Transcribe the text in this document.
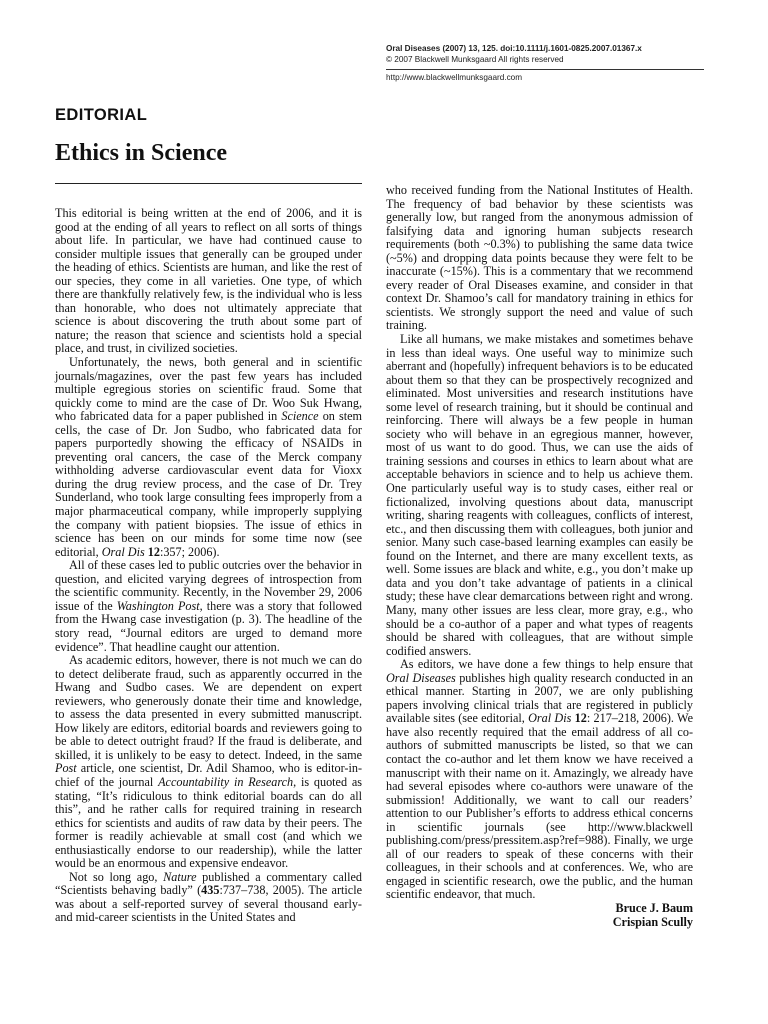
Oral Diseases (2007) 13, 125. doi:10.1111/j.1601-0825.2007.01367.x
© 2007 Blackwell Munksgaard All rights reserved
http://www.blackwellmunksgaard.com
EDITORIAL
Ethics in Science

This editorial is being written at the end of 2006, and it is good at the ending of all years to reflect on all sorts of things about life. In particular, we have had continued cause to consider multiple issues that generally can be grouped under the heading of ethics. Scientists are human, and like the rest of our species, they come in all varieties. One type, of which there are thankfully relatively few, is the individual who is less than honorable, who does not ultimately appreciate that science is about discovering the truth about some part of nature; the reason that science and scientists hold a special place, and trust, in civilized societies.

Unfortunately, the news, both general and in scientific journals/magazines, over the past few years has included multiple egregious stories on scientific fraud. Some that quickly come to mind are the case of Dr. Woo Suk Hwang, who fabricated data for a paper published in Science on stem cells, the case of Dr. Jon Sudbo, who fabricated data for papers purportedly showing the efficacy of NSAIDs in preventing oral cancers, the case of the Merck company withholding adverse cardiovascular event data for Vioxx during the drug review process, and the case of Dr. Trey Sunderland, who took large consulting fees improperly from a major pharmaceutical company, while improperly supplying the company with patient biopsies. The issue of ethics in science has been on our minds for some time now (see editorial, Oral Dis 12:357; 2006).

All of these cases led to public outcries over the behavior in question, and elicited varying degrees of introspection from the scientific community. Recently, in the November 29, 2006 issue of the Washington Post, there was a story that followed from the Hwang case investigation (p. 3). The headline of the story read, “Journal editors are urged to demand more evidence”. That headline caught our attention.

As academic editors, however, there is not much we can do to detect deliberate fraud, such as apparently occurred in the Hwang and Sudbo cases. We are dependent on expert reviewers, who generously donate their time and knowledge, to assess the data presented in every submitted manuscript. How likely are editors, editorial boards and reviewers going to be able to detect outright fraud? If the fraud is deliberate, and skilled, it is unlikely to be easy to detect. Indeed, in the same Post article, one scientist, Dr. Adil Shamoo, who is editor-in-chief of the journal Accountability in Research, is quoted as stating, “It’s ridiculous to think editorial boards can do all this”, and he rather calls for required training in research ethics for scientists and audits of raw data by their peers. The former is readily achievable at small cost (and which we enthusiastically endorse to our readership), while the latter would be an enormous and expensive endeavor.

Not so long ago, Nature published a commentary called “Scientists behaving badly” (435:737–738, 2005). The article was about a self-reported survey of several thousand early- and mid-career scientists in the United States and

who received funding from the National Institutes of Health. The frequency of bad behavior by these scientists was generally low, but ranged from the anonymous admission of falsifying data and ignoring human subjects research requirements (both ~0.3%) to publishing the same data twice (~5%) and dropping data points because they were felt to be inaccurate (~15%). This is a commentary that we recommend every reader of Oral Diseases examine, and consider in that context Dr. Shamoo’s call for mandatory training in ethics for scientists. We strongly support the need and value of such training.

Like all humans, we make mistakes and sometimes behave in less than ideal ways. One useful way to minimize such aberrant and (hopefully) infrequent behaviors is to be educated about them so that they can be prospectively recognized and eliminated. Most universities and research institutions have some level of research training, but it should be continual and reinforcing. There will always be a few people in human society who will behave in an egregious manner, however, most of us want to do good. Thus, we can use the aids of training sessions and courses in ethics to learn about what are acceptable behaviors in science and to help us achieve them. One particularly useful way is to study cases, either real or fictionalized, involving questions about data, manuscript writing, sharing reagents with colleagues, conflicts of interest, etc., and then discussing them with colleagues, both junior and senior. Many such case-based learning examples can easily be found on the Internet, and there are many excellent texts, as well. Some issues are black and white, e.g., you don’t make up data and you don’t take advantage of patients in a clinical study; these have clear demarcations between right and wrong. Many, many other issues are less clear, more gray, e.g., who should be a co-author of a paper and what types of reagents should be shared with colleagues, that are without simple codified answers.

As editors, we have done a few things to help ensure that Oral Diseases publishes high quality research conducted in an ethical manner. Starting in 2007, we are only publishing papers involving clinical trials that are registered in publicly available sites (see editorial, Oral Dis 12: 217–218, 2006). We have also recently required that the email address of all co-authors of submitted manuscripts be listed, so that we can contact the co-author and let them know we have received a manuscript with their name on it. Amazingly, we already have had several episodes where co-authors were unaware of the submission! Additionally, we want to call our readers’ attention to our Publisher’s efforts to address ethical concerns in scientific journals (see http://www.blackwell publishing.com/press/pressitem.asp?ref=988). Finally, we urge all of our readers to speak of these concerns with their colleagues, in their schools and at conferences. We, who are engaged in scientific research, owe the public, and the human scientific endeavor, that much.

Bruce J. Baum

Crispian Scully
